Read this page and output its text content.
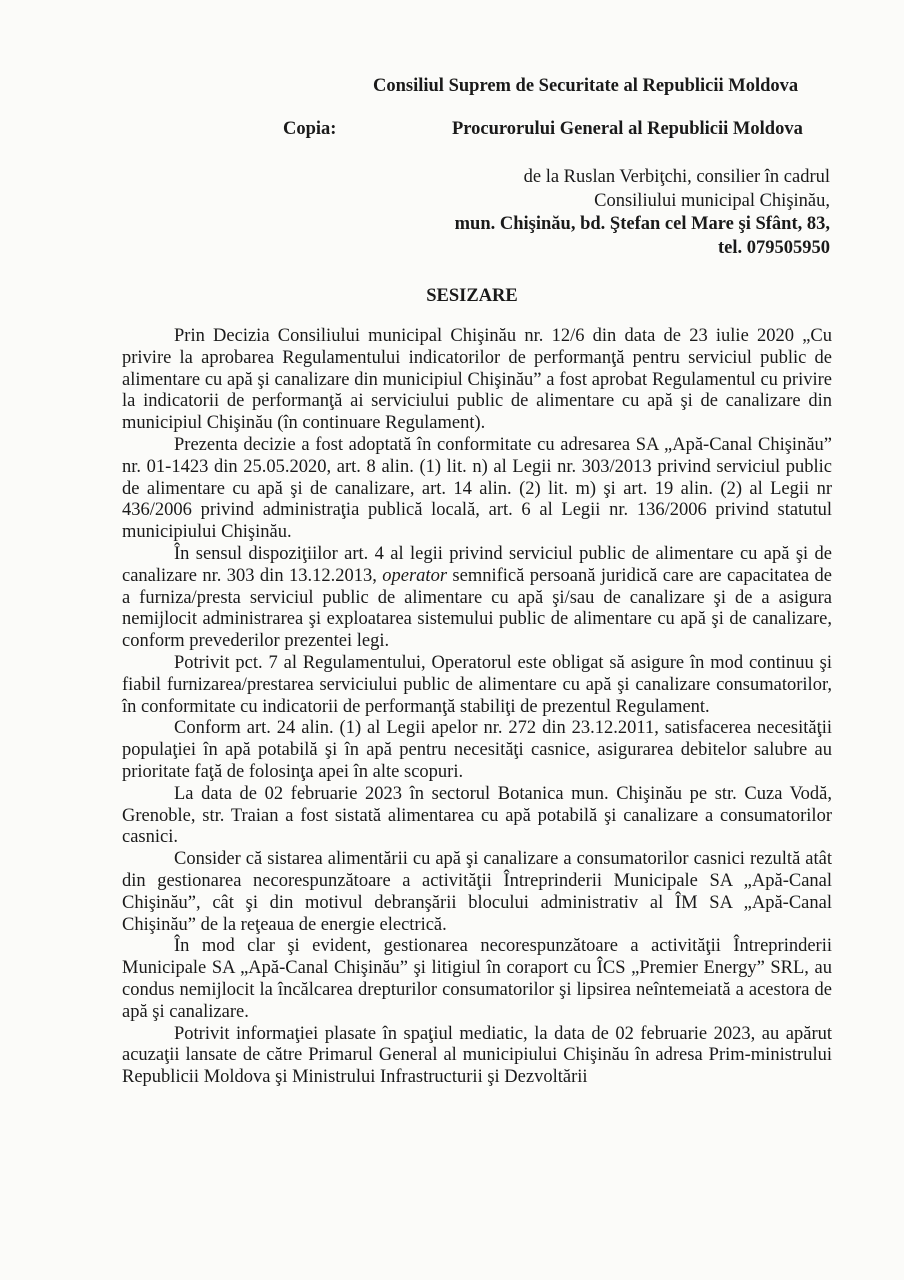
Consiliul Suprem de Securitate al Republicii Moldova
Copia:	Procurorului General al Republicii Moldova
de la Ruslan Verbiţchi, consilier în cadrul
Consiliului municipal Chişinău,
mun. Chişinău, bd. Ştefan cel Mare şi Sfânt, 83,
tel. 079505950
SESIZARE

Prin Decizia Consiliului municipal Chişinău nr. 12/6 din data de 23 iulie 2020 „Cu privire la aprobarea Regulamentului indicatorilor de performanţă pentru serviciul public de alimentare cu apă şi canalizare din municipiul Chişinău” a fost aprobat Regulamentul cu privire la indicatorii de performanţă ai serviciului public de alimentare cu apă şi de canalizare din municipiul Chişinău (în continuare Regulament).

Prezenta decizie a fost adoptată în conformitate cu adresarea SA „Apă-Canal Chişinău” nr. 01-1423 din 25.05.2020, art. 8 alin. (1) lit. n) al Legii nr. 303/2013 privind serviciul public de alimentare cu apă şi de canalizare, art. 14 alin. (2) lit. m) şi art. 19 alin. (2) al Legii nr 436/2006 privind administraţia publică locală, art. 6 al Legii nr. 136/2006 privind statutul municipiului Chişinău.

În sensul dispoziţiilor art. 4 al legii privind serviciul public de alimentare cu apă şi de canalizare nr. 303 din 13.12.2013, operator semnifică persoană juridică care are capacitatea de a furniza/presta serviciul public de alimentare cu apă şi/sau de canalizare şi de a asigura nemijlocit administrarea şi exploatarea sistemului public de alimentare cu apă şi de canalizare, conform prevederilor prezentei legi.

Potrivit pct. 7 al Regulamentului, Operatorul este obligat să asigure în mod continuu şi fiabil furnizarea/prestarea serviciului public de alimentare cu apă şi canalizare consumatorilor, în conformitate cu indicatorii de performanţă stabiliţi de prezentul Regulament.

Conform art. 24 alin. (1) al Legii apelor nr. 272 din 23.12.2011, satisfacerea necesităţii populaţiei în apă potabilă şi în apă pentru necesităţi casnice, asigurarea debitelor salubre au prioritate faţă de folosinţa apei în alte scopuri.

La data de 02 februarie 2023 în sectorul Botanica mun. Chişinău pe str. Cuza Vodă, Grenoble, str. Traian a fost sistată alimentarea cu apă potabilă şi canalizare a consumatorilor casnici.

Consider că sistarea alimentării cu apă şi canalizare a consumatorilor casnici rezultă atât din gestionarea necorespunzătoare a activităţii Întreprinderii Municipale SA „Apă-Canal Chişinău”, cât şi din motivul debranşării blocului administrativ al ÎM SA „Apă-Canal Chişinău” de la reţeaua de energie electrică.

În mod clar şi evident, gestionarea necorespunzătoare a activităţii Întreprinderii Municipale SA „Apă-Canal Chişinău” şi litigiul în coraport cu ÎCS „Premier Energy” SRL, au condus nemijlocit la încălcarea drepturilor consumatorilor şi lipsirea neîntemeiată a acestora de apă şi canalizare.

Potrivit informaţiei plasate în spaţiul mediatic, la data de 02 februarie 2023, au apărut acuzaţii lansate de către Primarul General al municipiului Chişinău în adresa Prim-ministrului Republicii Moldova şi Ministrului Infrastructurii şi Dezvoltării
